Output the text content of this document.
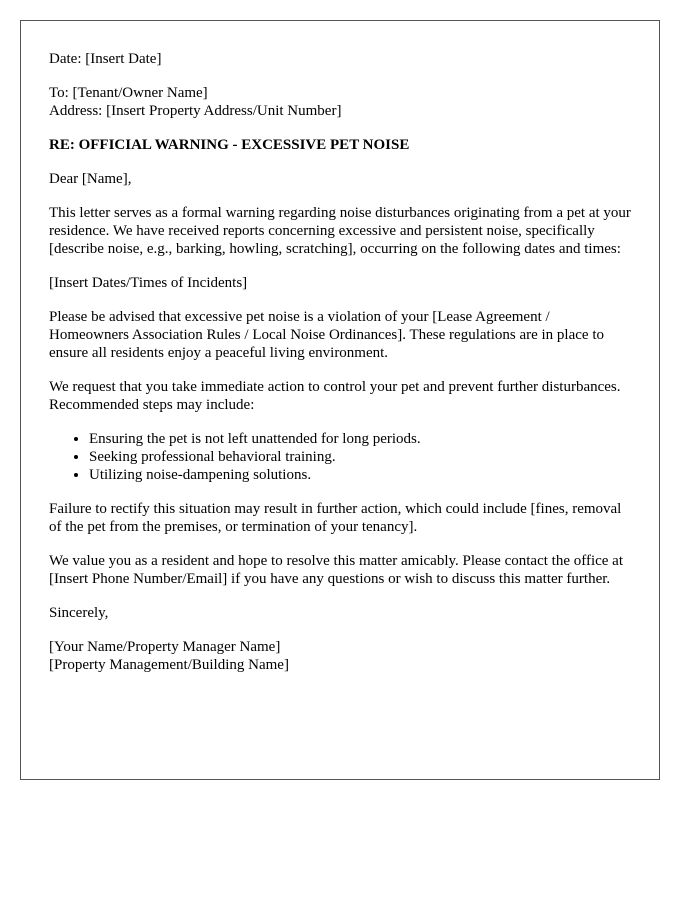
Date: [Insert Date]

To: [Tenant/Owner Name]
Address: [Insert Property Address/Unit Number]

RE: OFFICIAL WARNING - EXCESSIVE PET NOISE

Dear [Name],

This letter serves as a formal warning regarding noise disturbances originating from a pet at your residence. We have received reports concerning excessive and persistent noise, specifically [describe noise, e.g., barking, howling, scratching], occurring on the following dates and times:

[Insert Dates/Times of Incidents]

Please be advised that excessive pet noise is a violation of your [Lease Agreement / Homeowners Association Rules / Local Noise Ordinances]. These regulations are in place to ensure all residents enjoy a peaceful living environment.

We request that you take immediate action to control your pet and prevent further disturbances. Recommended steps may include:

• Ensuring the pet is not left unattended for long periods.
• Seeking professional behavioral training.
• Utilizing noise-dampening solutions.

Failure to rectify this situation may result in further action, which could include [fines, removal of the pet from the premises, or termination of your tenancy].

We value you as a resident and hope to resolve this matter amicably. Please contact the office at [Insert Phone Number/Email] if you have any questions or wish to discuss this matter further.

Sincerely,

[Your Name/Property Manager Name]
[Property Management/Building Name]
